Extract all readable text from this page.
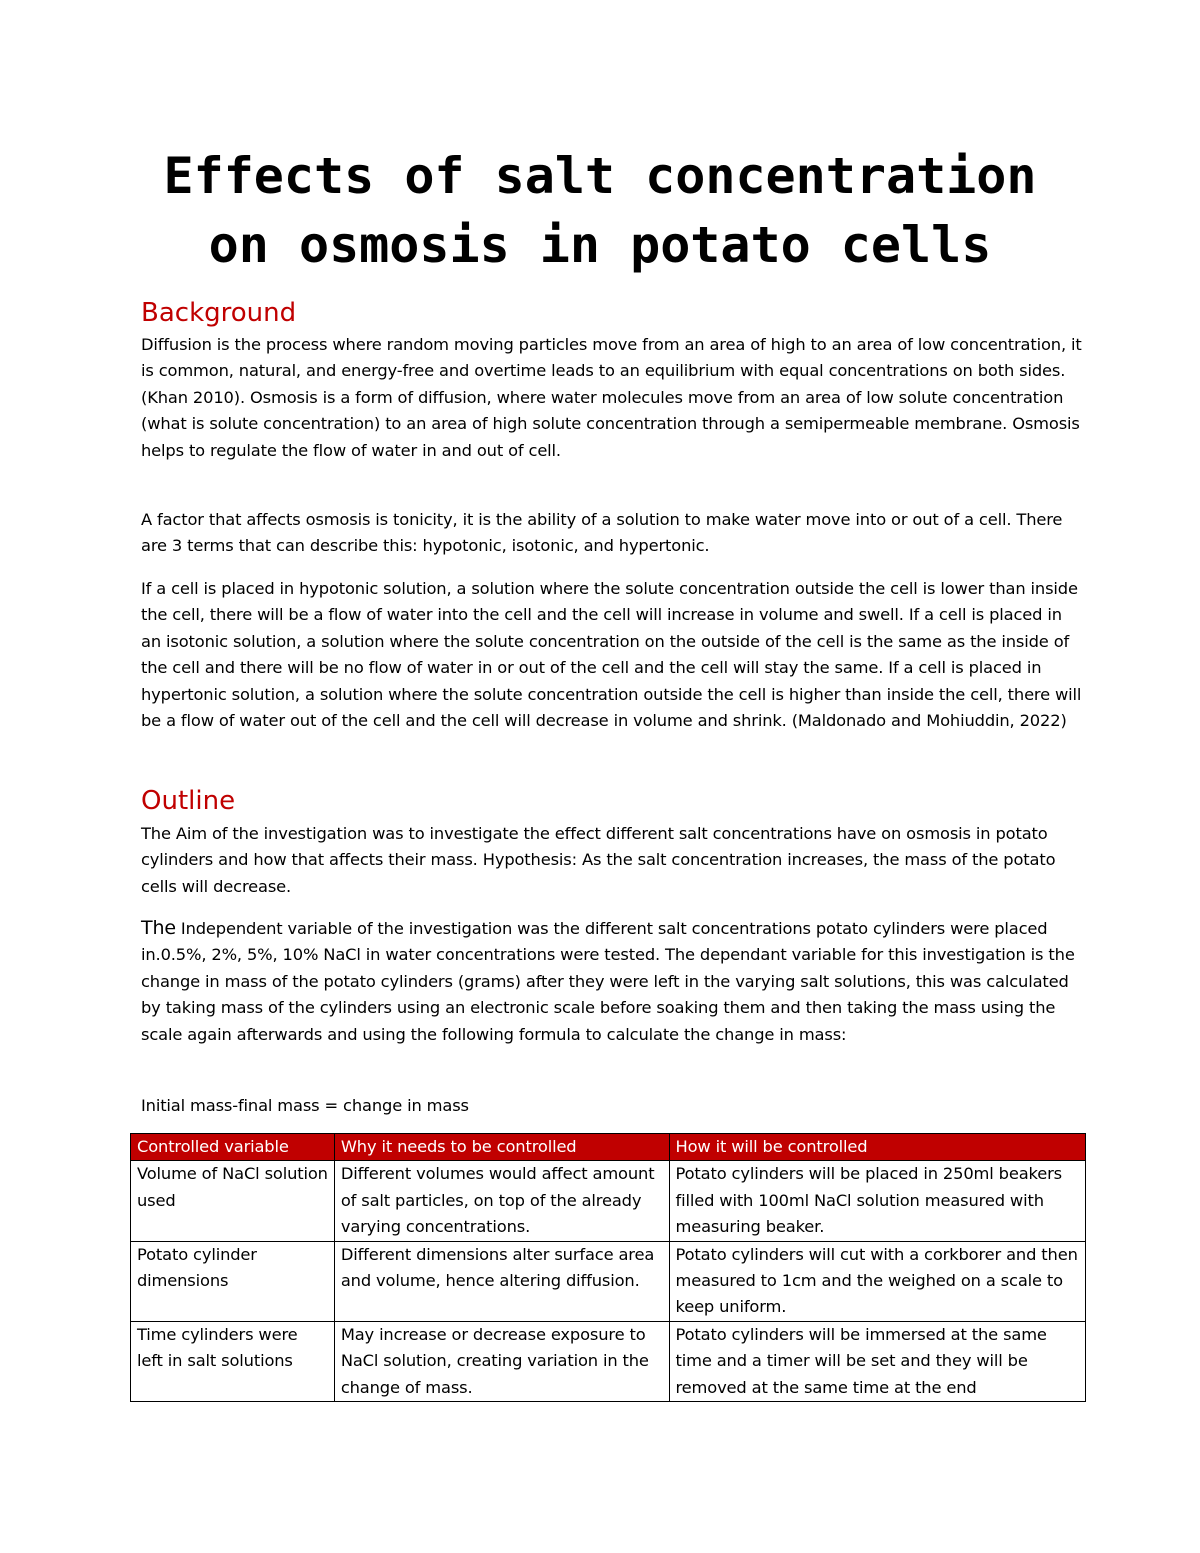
Effects of salt concentration
on osmosis in potato cells
Background

Diffusion is the process where random moving particles move from an area of high to an area of low concentration, it is common, natural, and energy-free and overtime leads to an equilibrium with equal concentrations on both sides. (Khan 2010). Osmosis is a form of diffusion, where water molecules move from an area of low solute concentration (what is solute concentration) to an area of high solute concentration through a semipermeable membrane. Osmosis helps to regulate the flow of water in and out of cell.

A factor that affects osmosis is tonicity, it is the ability of a solution to make water move into or out of a cell. There are 3 terms that can describe this: hypotonic, isotonic, and hypertonic.

If a cell is placed in hypotonic solution, a solution where the solute concentration outside the cell is lower than inside the cell, there will be a flow of water into the cell and the cell will increase in volume and swell. If a cell is placed in an isotonic solution, a solution where the solute concentration on the outside of the cell is the same as the inside of the cell and there will be no flow of water in or out of the cell and the cell will stay the same. If a cell is placed in hypertonic solution, a solution where the solute concentration outside the cell is higher than inside the cell, there will be a flow of water out of the cell and the cell will decrease in volume and shrink. (Maldonado and Mohiuddin, 2022)

Outline

The Aim of the investigation was to investigate the effect different salt concentrations have on osmosis in potato cylinders and how that affects their mass. Hypothesis: As the salt concentration increases, the mass of the potato cells will decrease.

The Independent variable of the investigation was the different salt concentrations potato cylinders were placed in.0.5%, 2%, 5%, 10% NaCl in water concentrations were tested. The dependant variable for this investigation is the change in mass of the potato cylinders (grams) after they were left in the varying salt solutions, this was calculated by taking mass of the cylinders using an electronic scale before soaking them and then taking the mass using the scale again afterwards and using the following formula to calculate the change in mass:

Initial mass-final mass = change in mass

Controlled variable	Why it needs to be controlled	How it will be controlled
Volume of NaCl solution used	Different volumes would affect amount of salt particles, on top of the already varying concentrations.	Potato cylinders will be placed in 250ml beakers filled with 100ml NaCl solution measured with measuring beaker.
Potato cylinder dimensions	Different dimensions alter surface area and volume, hence altering diffusion.	Potato cylinders will cut with a corkborer and then measured to 1cm and the weighed on a scale to keep uniform.
Time cylinders were left in salt solutions	May increase or decrease exposure to NaCl solution, creating variation in the change of mass.	Potato cylinders will be immersed at the same time and a timer will be set and they will be removed at the same time at the end
